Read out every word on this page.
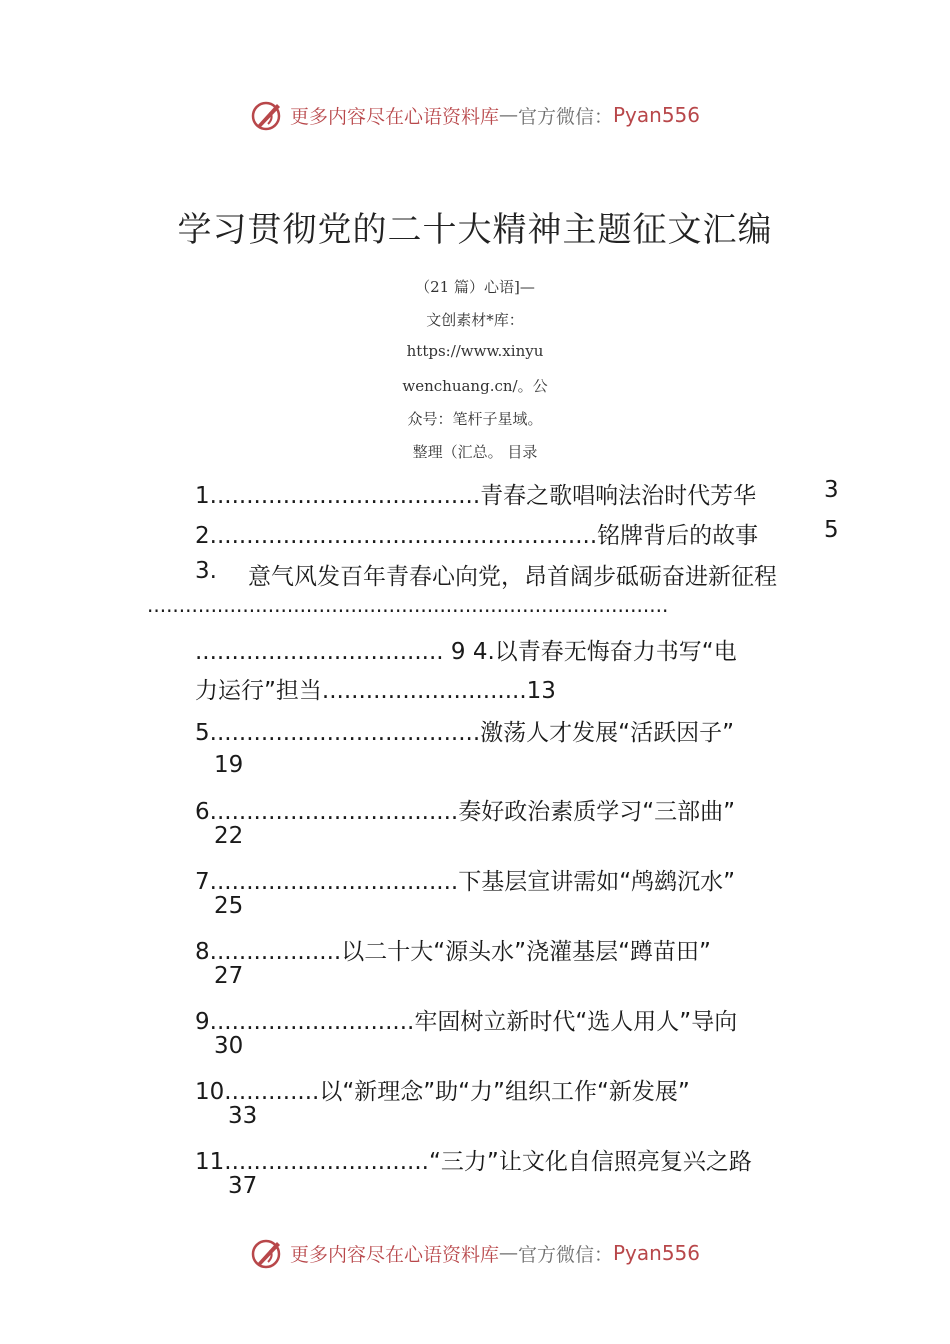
更多内容尽在心语资料库 — 官方微信： Pyan556
学习贯彻党的二十大精神主题征文汇编
（21 篇）心语]—
文创素材*库：
https://www.xinyu
wenchuang.cn/。公
众号：笔杆子星域。
整理（汇总。 目录
1.....................................青春之歌唱响法治时代芳华	3
2.....................................................铭牌背后的故事	5
3. 意气风发百年青春心向党，昂首阔步砥砺奋进新征程
..................................................................................
.................................. 9 4.以青春无悔奋力书写“电
力运行”担当............................13
5.....................................激荡人才发展“活跃因子”
19
6..................................奏好政治素质学习“三部曲”
22
7..................................下基层宣讲需如“鸬鹚沉水”
25
8..................以二十大“源头水”浇灌基层“蹲苗田”
27
9............................牢固树立新时代“选人用人”导向
30
10.............以“新理念”助“力”组织工作“新发展”
33
11............................“三力”让文化自信照亮复兴之路
37
更多内容尽在心语资料库 — 官方微信： Pyan556
